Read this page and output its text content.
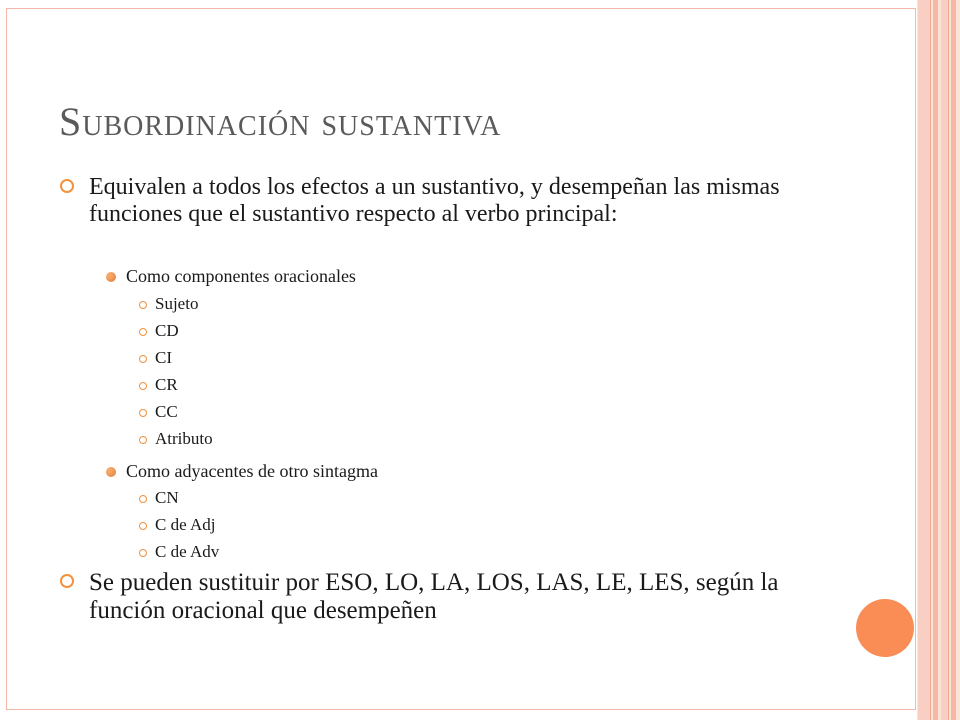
Subordinación sustantiva
Equivalen a todos los efectos a un sustantivo, y desempeñan las mismas funciones que el sustantivo respecto al verbo principal:
Como componentes oracionales
Sujeto
CD
CI
CR
CC
Atributo
Como adyacentes de otro sintagma
CN
C de Adj
C de Adv
Se pueden sustituir por ESO, LO, LA, LOS, LAS, LE, LES, según la función oracional que desempeñen
